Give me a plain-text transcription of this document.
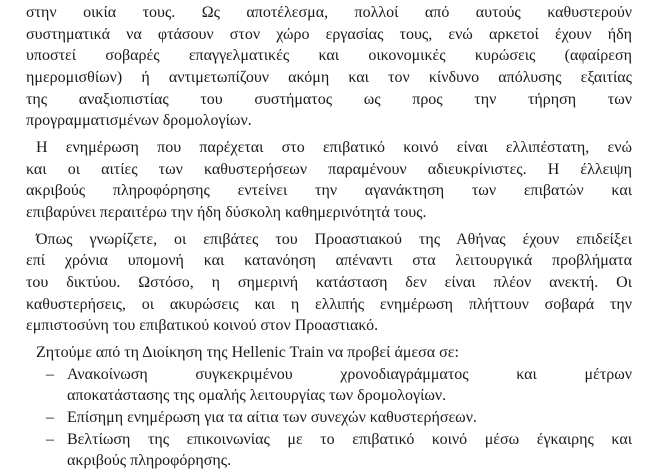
στην οικία τους. Ως αποτέλεσμα, πολλοί από αυτούς καθυστερούν
συστηματικά να φτάσουν στον χώρο εργασίας τους, ενώ αρκετοί έχουν ήδη
υποστεί σοβαρές επαγγελματικές και οικονομικές κυρώσεις (αφαίρεση
ημερομισθίων) ή αντιμετωπίζουν ακόμη και τον κίνδυνο απόλυσης εξαιτίας
της αναξιοπιστίας του συστήματος ως προς την τήρηση των
προγραμματισμένων δρομολογίων.
Η ενημέρωση που παρέχεται στο επιβατικό κοινό είναι ελλιπέστατη, ενώ
και οι αιτίες των καθυστερήσεων παραμένουν αδιευκρίνιστες. Η έλλειψη
ακριβούς πληροφόρησης εντείνει την αγανάκτηση των επιβατών και
επιβαρύνει περαιτέρω την ήδη δύσκολη καθημερινότητά τους.
Όπως γνωρίζετε, οι επιβάτες του Προαστιακού της Αθήνας έχουν επιδείξει
επί χρόνια υπομονή και κατανόηση απέναντι στα λειτουργικά προβλήματα
του δικτύου. Ωστόσο, η σημερινή κατάσταση δεν είναι πλέον ανεκτή. Οι
καθυστερήσεις, οι ακυρώσεις και η ελλιπής ενημέρωση πλήττουν σοβαρά την
εμπιστοσύνη του επιβατικού κοινού στον Προαστιακό.
Ζητούμε από τη Διοίκηση της Hellenic Train να προβεί άμεσα σε:
– Ανακοίνωση συγκεκριμένου χρονοδιαγράμματος και μέτρων
αποκατάστασης της ομαλής λειτουργίας των δρομολογίων.
– Επίσημη ενημέρωση για τα αίτια των συνεχών καθυστερήσεων.
– Βελτίωση της επικοινωνίας με το επιβατικό κοινό μέσω έγκαιρης και
ακριβούς πληροφόρησης.
